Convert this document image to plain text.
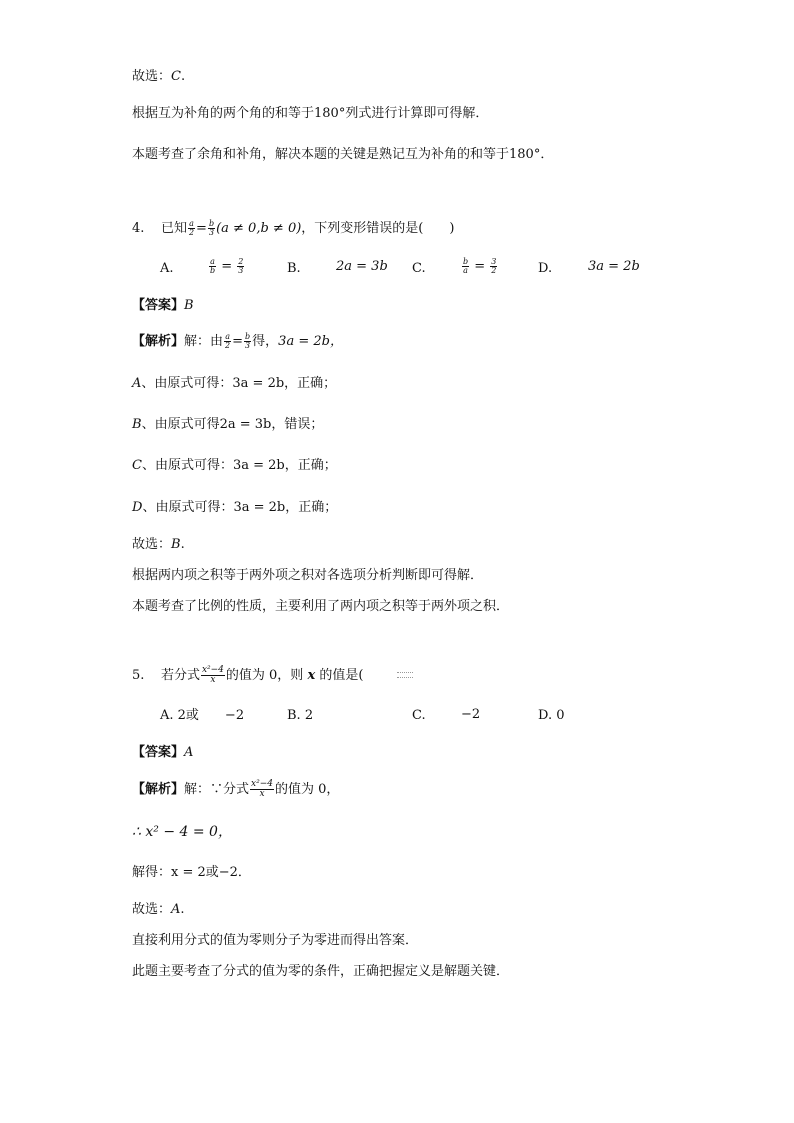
故选：C.
根据互为补角的两个角的和等于180°列式进行计算即可得解．
本题考查了余角和补角，解决本题的关键是熟记互为补角的和等于180°．
4. 已知 $\frac{a}{2} = \frac{b}{3} (a \ne 0,b \ne 0)$，下列变形错误的是(　　)
A.	$\frac{a}{b} = \frac{2}{3}$	B.	2a = 3b C.	$\frac{b}{a} = \frac{3}{2}$	D.	3a = 2b
【答案】B
【解析】解：由 $\frac{a}{2} = \frac{b}{3}$ 得，3a = 2b，
A、由原式可得：3a = 2b，正确；
B、由原式可得2a = 3b，错误；
C、由原式可得：3a = 2b，正确；
D、由原式可得：3a = 2b，正确；
故选：B.
根据两内项之积等于两外项之积对各选项分析判断即可得解．
本题考查了比例的性质，主要利用了两内项之积等于两外项之积．
5. 若分式 $\frac{\text{x²−4}}{x}$ 的值为 0，则 x 的值是(
A. 2或　　−2	B. 2	C.	−2	D. 0
【答案】A
【解析】解：∵分式 $\frac{\text{x²−4}}{x}$ 的值为 0，
∴ x² − 4 = 0，
解得：x = 2或−2．
故选：A.
直接利用分式的值为零则分子为零进而得出答案．
此题主要考查了分式的值为零的条件，正确把握定义是解题关键．
